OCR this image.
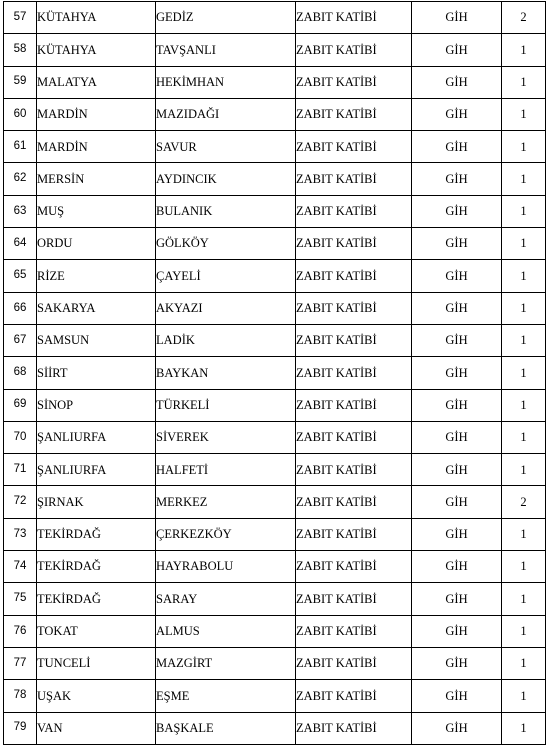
57	KÜTAHYA	GEDİZ	ZABIT KATİBİ	GİH	2
58	KÜTAHYA	TAVŞANLI	ZABIT KATİBİ	GİH	1
59	MALATYA	HEKİMHAN	ZABIT KATİBİ	GİH	1
60	MARDİN	MAZIDAĞI	ZABIT KATİBİ	GİH	1
61	MARDİN	SAVUR	ZABIT KATİBİ	GİH	1
62	MERSİN	AYDINCIK	ZABIT KATİBİ	GİH	1
63	MUŞ	BULANIK	ZABIT KATİBİ	GİH	1
64	ORDU	GÖLKÖY	ZABIT KATİBİ	GİH	1
65	RİZE	ÇAYELİ	ZABIT KATİBİ	GİH	1
66	SAKARYA	AKYAZI	ZABIT KATİBİ	GİH	1
67	SAMSUN	LADİK	ZABIT KATİBİ	GİH	1
68	SİİRT	BAYKAN	ZABIT KATİBİ	GİH	1
69	SİNOP	TÜRKELİ	ZABIT KATİBİ	GİH	1
70	ŞANLIURFA	SİVEREK	ZABIT KATİBİ	GİH	1
71	ŞANLIURFA	HALFETİ	ZABIT KATİBİ	GİH	1
72	ŞIRNAK	MERKEZ	ZABIT KATİBİ	GİH	2
73	TEKİRDAĞ	ÇERKEZKÖY	ZABIT KATİBİ	GİH	1
74	TEKİRDAĞ	HAYRABOLU	ZABIT KATİBİ	GİH	1
75	TEKİRDAĞ	SARAY	ZABIT KATİBİ	GİH	1
76	TOKAT	ALMUS	ZABIT KATİBİ	GİH	1
77	TUNCELİ	MAZGİRT	ZABIT KATİBİ	GİH	1
78	UŞAK	EŞME	ZABIT KATİBİ	GİH	1
79	VAN	BAŞKALE	ZABIT KATİBİ	GİH	1
